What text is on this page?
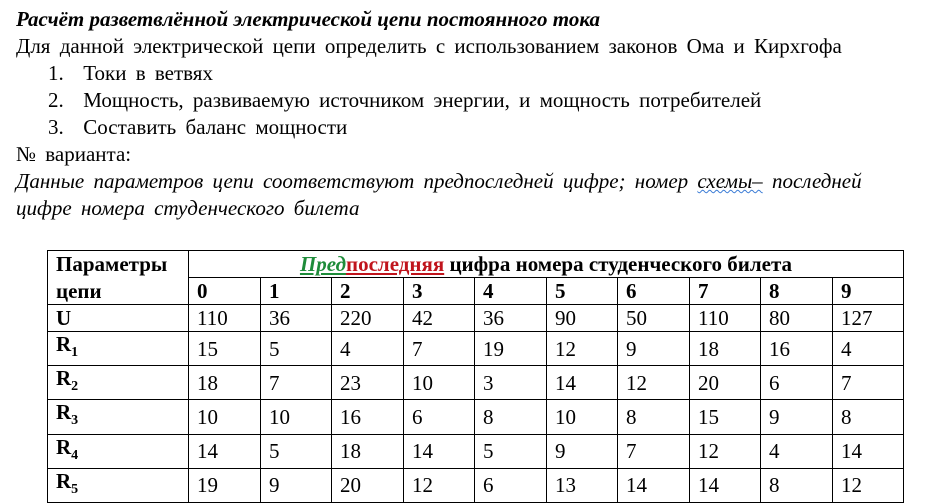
Расчёт разветвлённой электрической цепи постоянного тока
Для данной электрической цепи определить с использованием законов Ома и Кирхгофа
1. Токи в ветвях
2. Мощность, развиваемую источником энергии, и мощность потребителей
3. Составить баланс мощности
№ варианта:
Данные параметров цепи соответствуют предпоследней цифре; номер схемы– последней цифре номера студенческого билета
Параметры	Предпоследняя цифра номера студенческого билета									
цепи	0	1	2	3	4	5	6	7	8	9
U	110	36	220	42	36	90	50	110	80	127
$R_1$	15	5	4	7	19	12	9	18	16	4
$R_2$	18	7	23	10	3	14	12	20	6	7
$R_3$	10	10	16	6	8	10	8	15	9	8
$R_4$	14	5	18	14	5	9	7	12	4	14
$R_5$	19	9	20	12	6	13	14	14	8	12
